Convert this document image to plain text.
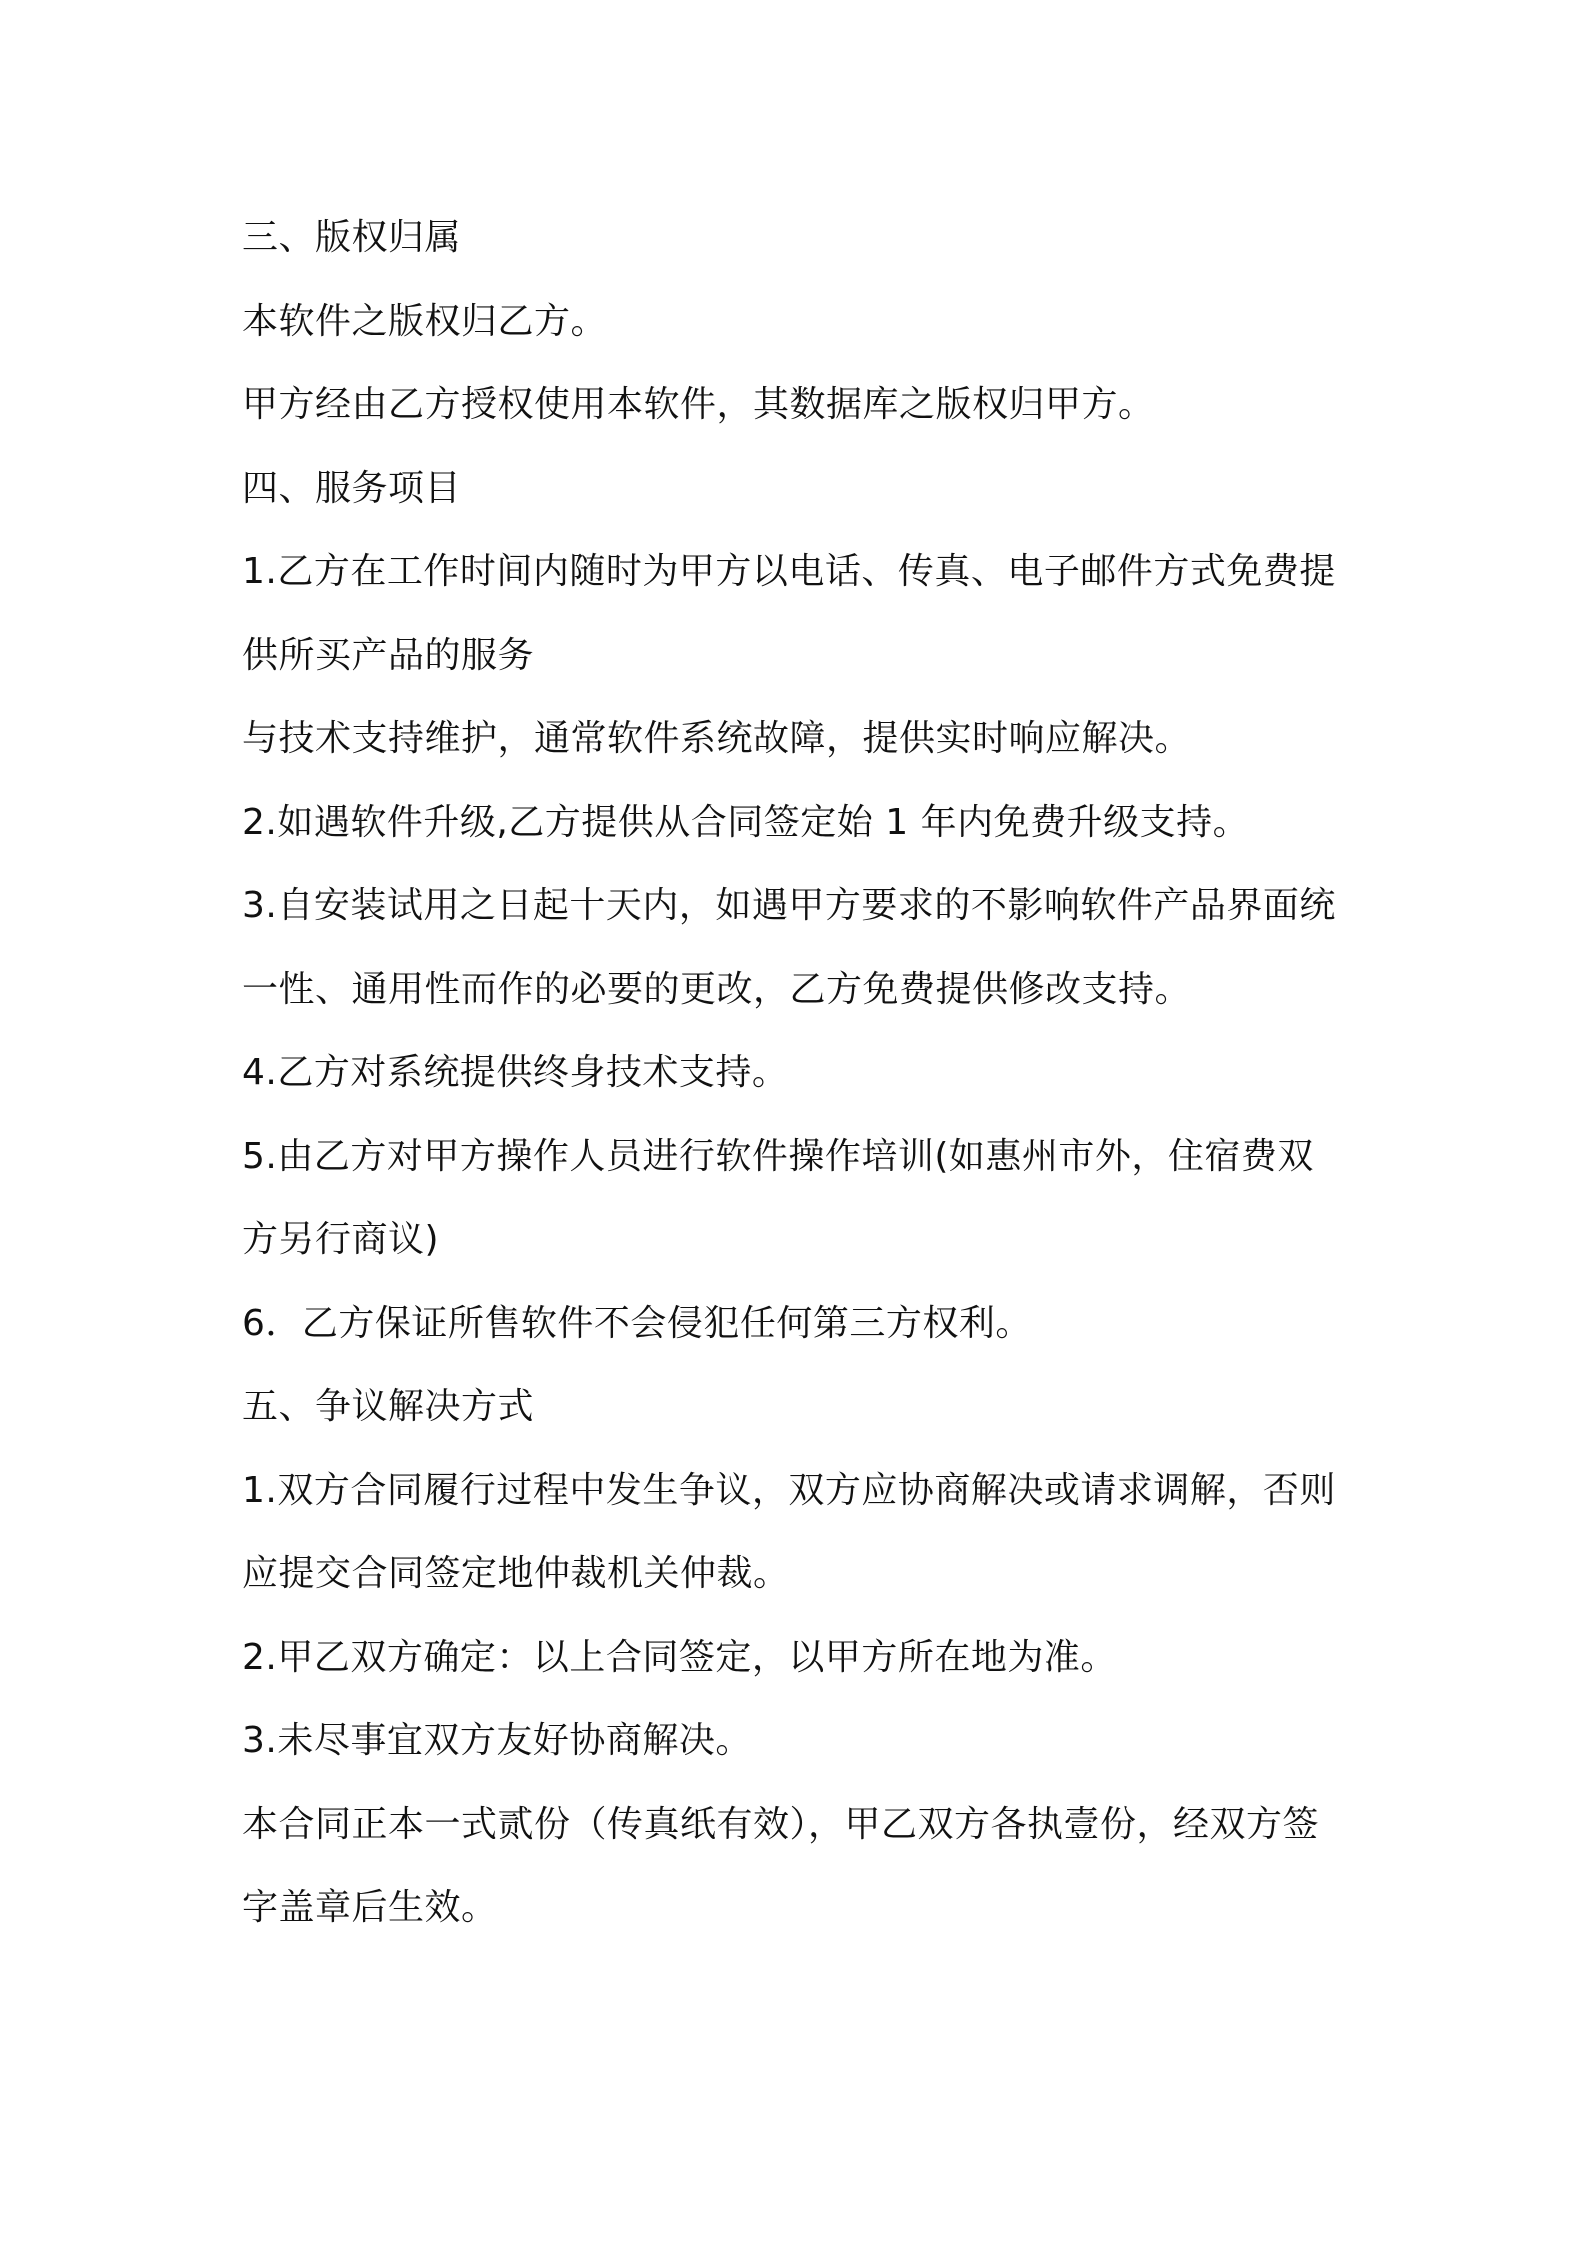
三、版权归属
本软件之版权归乙方。
甲方经由乙方授权使用本软件，其数据库之版权归甲方。
四、服务项目
1.乙方在工作时间内随时为甲方以电话、传真、电子邮件方式免费提
供所买产品的服务
与技术支持维护，通常软件系统故障，提供实时响应解决。
2.如遇软件升级,乙方提供从合同签定始 1 年内免费升级支持。
3.自安装试用之日起十天内，如遇甲方要求的不影响软件产品界面统
一性、通用性而作的必要的更改，乙方免费提供修改支持。
4.乙方对系统提供终身技术支持。
5.由乙方对甲方操作人员进行软件操作培训(如惠州市外，住宿费双
方另行商议)
6．乙方保证所售软件不会侵犯任何第三方权利。
五、争议解决方式
1.双方合同履行过程中发生争议，双方应协商解决或请求调解，否则
应提交合同签定地仲裁机关仲裁。
2.甲乙双方确定：以上合同签定，以甲方所在地为准。
3.未尽事宜双方友好协商解决。
本合同正本一式贰份（传真纸有效），甲乙双方各执壹份，经双方签
字盖章后生效。
